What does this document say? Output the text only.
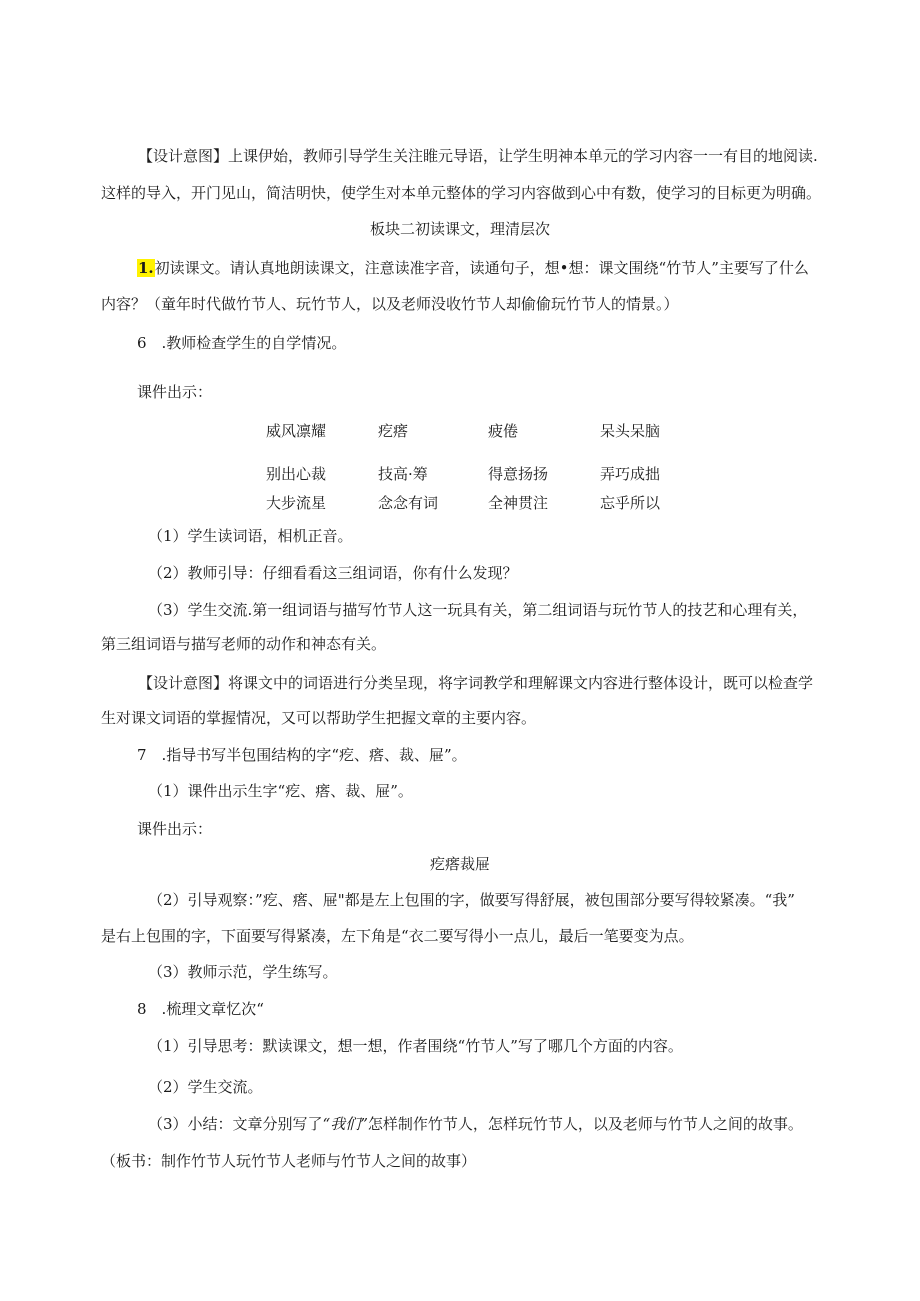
【设计意图】上课伊始，教师引导学生关注睢元导语，让学生明神本单元的学习内容一一有目的地阅读.
这样的导入，开门见山，简洁明快，使学生对本单元整体的学习内容做到心中有数，使学习的目标更为明确。
板块二初读课文，理清层次
1.初读课文。请认真地朗读课文，注意读准字音，读通句子，想•想：课文围绕“竹节人”主要写了什么
内容？（童年时代做竹节人、玩竹节人，以及老师没收竹节人却偷偷玩竹节人的情景。）
6　.教师检查学生的自学情况。
课件出示：
威风凛耀	疙瘩	疲倦	呆头呆脑
别出心裁	技高·筹	得意扬扬	弄巧成拙
大步流星	念念有词	全神贯注	忘乎所以
（1）学生读词语，相机正音。
（2）教师引导：仔细看看这三组词语，你有什么发现？
（3）学生交流.第一组词语与描写竹节人这一玩具有关，第二组词语与玩竹节人的技艺和心理有关，
第三组词语与描写老师的动作和神态有关。
【设计意图】将课文中的词语进行分类呈现，将字词教学和理解课文内容进行整体设计，既可以检查学
生对课文词语的掌握情况，又可以帮助学生把握文章的主要内容。
7　.指导书写半包围结构的字“疙、瘩、裁、屉”。
（1）课件出示生字“疙、瘩、裁、屉”。
课件出示：
疙瘩裁屉
（2）引导观察：”疙、瘩、屉"都是左上包围的字，做要写得舒展，被包围部分要写得较紧凑。“我”
是右上包围的字，下面要写得紧凑，左下角是“衣二要写得小一点儿，最后一笔要变为点。
（3）教师示范，学生练写。
8　.梳理文章忆次“
（1）引导思考：默读课文，想一想，作者围绕“竹节人”写了哪几个方面的内容。
（2）学生交流。
（3）小结：文章分别写了“我们”怎样制作竹节人，怎样玩竹节人，以及老师与竹节人之间的故事。
（板书：制作竹节人玩竹节人老师与竹节人之间的故事）
